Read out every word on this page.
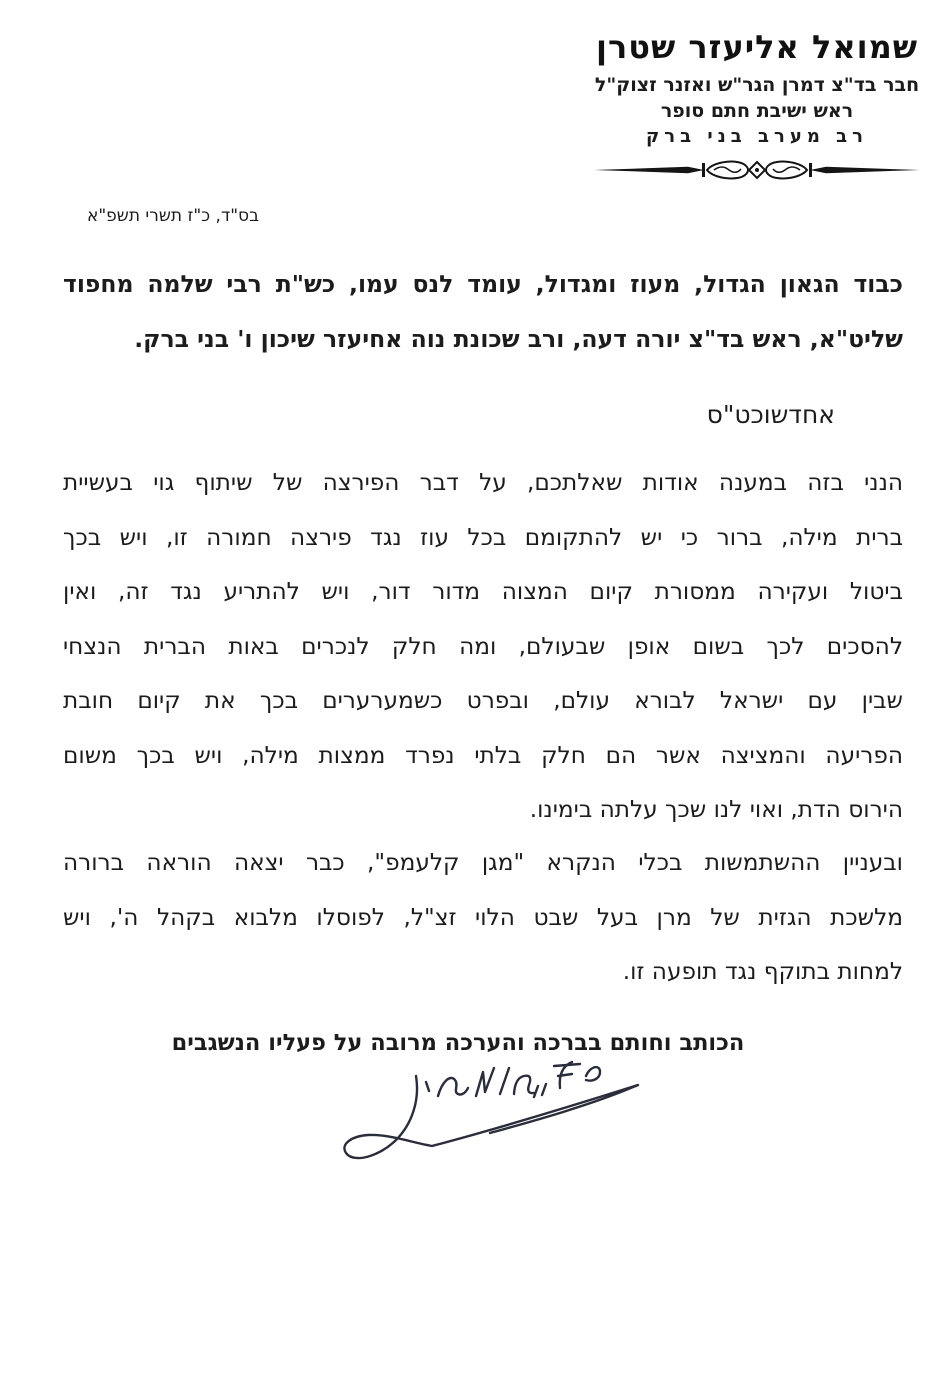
שמואל אליעזר שטרן
חבר בד"צ דמרן הגר"ש ואזנר זצוק"ל
ראש ישיבת חתם סופר
רב מערב בני ברק
בס"ד, כ"ז תשרי תשפ"א
כבוד הגאון הגדול, מעוז ומגדול, עומד לנס עמו, כש"ת רבי שלמה מחפוד
שליט"א, ראש בד"צ יורה דעה, ורב שכונת נוה אחיעזר שיכון ו' בני ברק.
אחדשוכט"ס
הנני בזה במענה אודות שאלתכם, על דבר הפירצה של שיתוף גוי בעשיית
ברית מילה, ברור כי יש להתקומם בכל עוז נגד פירצה חמורה זו, ויש בכך
ביטול ועקירה ממסורת קיום המצוה מדור דור, ויש להתריע נגד זה, ואין
להסכים לכך בשום אופן שבעולם, ומה חלק לנכרים באות הברית הנצחי
שבין עם ישראל לבורא עולם, ובפרט כשמערערים בכך את קיום חובת
הפריעה והמציצה אשר הם חלק בלתי נפרד ממצות מילה, ויש בכך משום
הירוס הדת, ואוי לנו שכך עלתה בימינו.
ובעניין ההשתמשות בכלי הנקרא "מגן קלעמפ", כבר יצאה הוראה ברורה
מלשכת הגזית של מרן בעל שבט הלוי זצ"ל, לפוסלו מלבוא בקהל ה', ויש
למחות בתוקף נגד תופעה זו.
הכותב וחותם בברכה והערכה מרובה על פעליו הנשגבים
